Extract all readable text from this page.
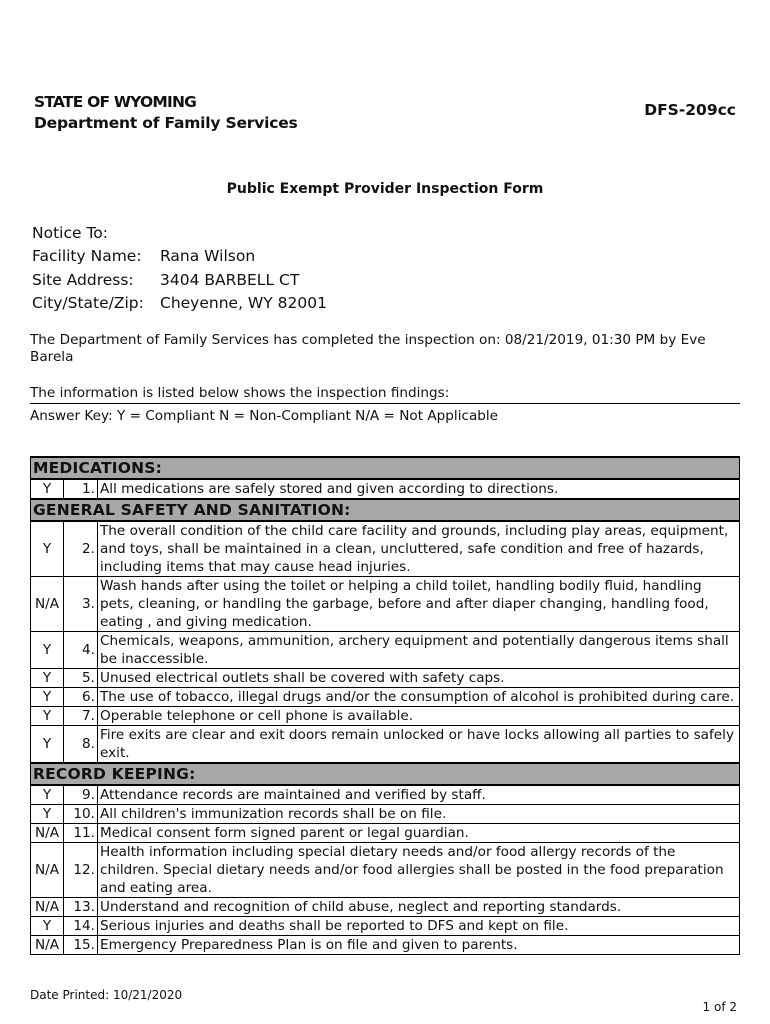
STATE OF WYOMING
Department of Family Services
DFS-209cc
Public Exempt Provider Inspection Form
Notice To:
Facility Name:	Rana Wilson
Site Address:	3404 BARBELL CT
City/State/Zip:	Cheyenne, WY 82001
The Department of Family Services has completed the inspection on: 08/21/2019, 01:30 PM by Eve Barela
The information is listed below shows the inspection findings:
Answer Key: Y = Compliant N = Non-Compliant N/A = Not Applicable
MEDICATIONS:		
Y	1.	All medications are safely stored and given according to directions.
GENERAL SAFETY AND SANITATION:		
Y	2.	The overall condition of the child care facility and grounds, including play areas, equipment, and toys, shall be maintained in a clean, uncluttered, safe condition and free of hazards, including items that may cause head injuries.
N/A	3.	Wash hands after using the toilet or helping a child toilet, handling bodily fluid, handling pets, cleaning, or handling the garbage, before and after diaper changing, handling food, eating , and giving medication.
Y	4.	Chemicals, weapons, ammunition, archery equipment and potentially dangerous items shall be inaccessible.
Y	5.	Unused electrical outlets shall be covered with safety caps.
Y	6.	The use of tobacco, illegal drugs and/or the consumption of alcohol is prohibited during care.
Y	7.	Operable telephone or cell phone is available.
Y	8.	Fire exits are clear and exit doors remain unlocked or have locks allowing all parties to safely exit.
RECORD KEEPING:		
Y	9.	Attendance records are maintained and verified by staff.
Y	10.	All children's immunization records shall be on file.
N/A	11.	Medical consent form signed parent or legal guardian.
N/A	12.	Health information including special dietary needs and/or food allergy records of the children. Special dietary needs and/or food allergies shall be posted in the food preparation and eating area.
N/A	13.	Understand and recognition of child abuse, neglect and reporting standards.
Y	14.	Serious injuries and deaths shall be reported to DFS and kept on file.
N/A	15.	Emergency Preparedness Plan is on file and given to parents.
Date Printed: 10/21/2020
1 of 2
